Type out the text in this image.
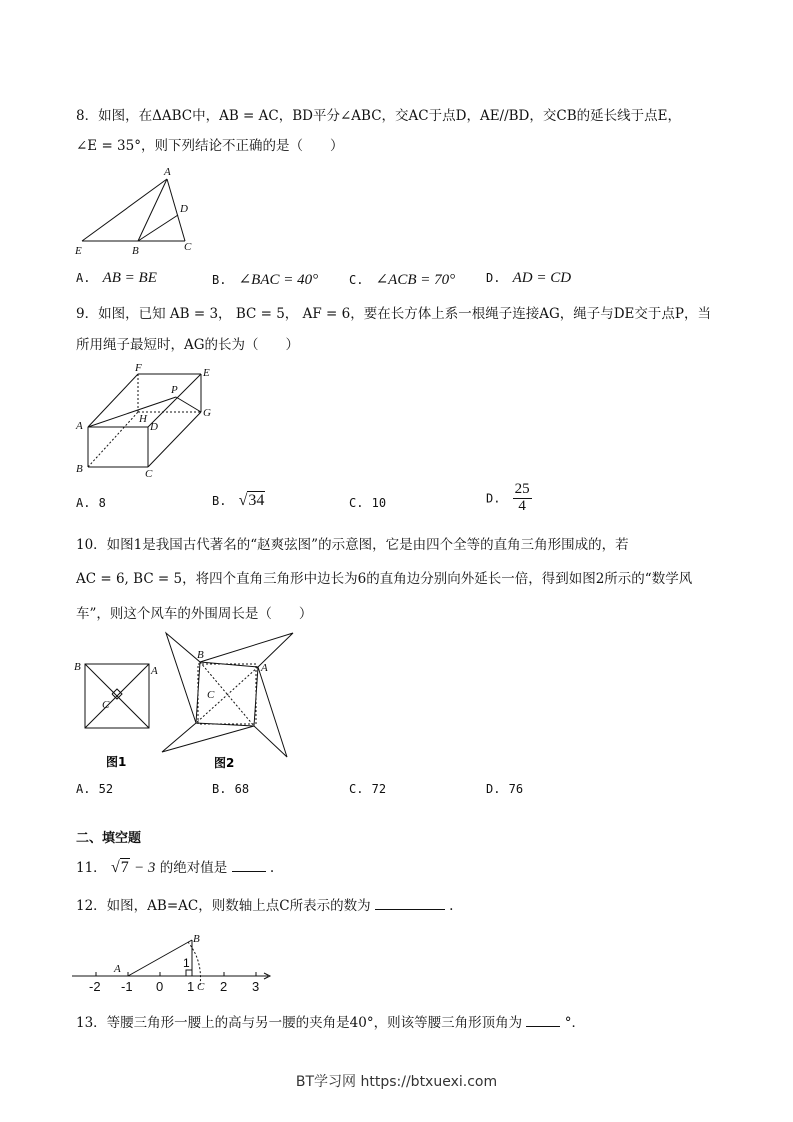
8．如图，在ΔABC中，AB = AC，BD平分∠ABC，交AC于点D，AE//BD，交CB的延长线于点E，
∠E = 35°，则下列结论不正确的是（　　）
A
D
E	B	C
A. AB = BE	B. ∠BAC = 40°	C. ∠ACB = 70°	D. AD = CD
9．如图，已知 AB = 3， BC = 5， AF = 6，要在长方体上系一根绳子连接AG，绳子与DE交于点P，当
所用绳子最短时，AG的长为（　　）
F	E
P
H	G
A	D
B	C
A. 8	B. √34	C. 10	D. $\frac{25}{4}$
10．如图1是我国古代著名的“赵爽弦图”的示意图，它是由四个全等的直角三角形围成的，若
AC = 6, BC = 5，将四个直角三角形中边长为6的直角边分别向外延长一倍，得到如图2所示的“数学风
车”，则这个风车的外围周长是（　　）
B	A
C
图1
B
A
C
图2
A. 52	B. 68	C. 72	D. 76
二、填空题
11． √7 − 3 的绝对值是	.
12．如图，AB=AC，则数轴上点C所表示的数为	.
A
B
1
C
-2 -1 0 1 2 3
13．等腰三角形一腰上的高与另一腰的夹角是40°，则该等腰三角形顶角为	°．
BT学习网 https://btxuexi.com
